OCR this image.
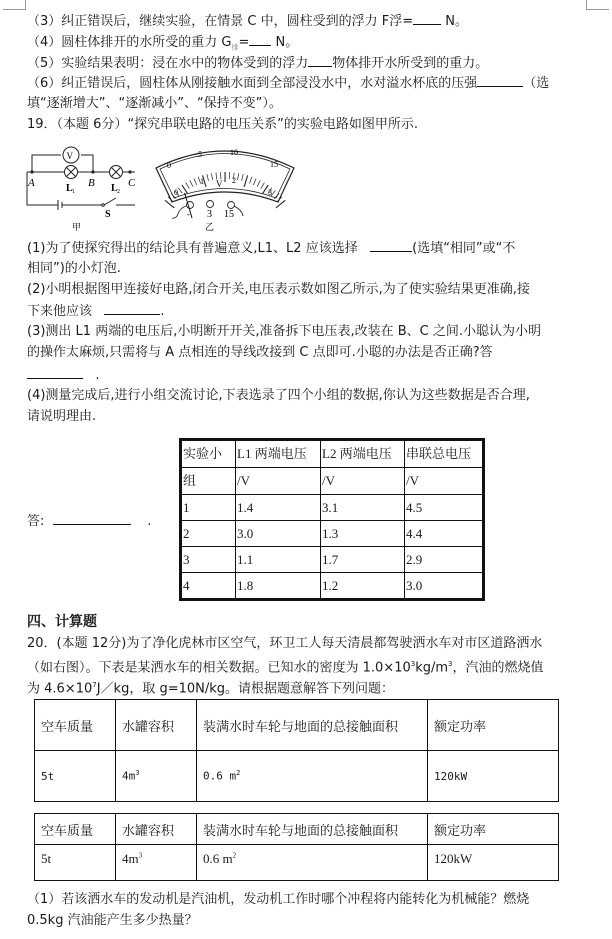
（3）纠正错误后，继续实验，在情景 C 中，圆柱受到的浮力 F浮= N。
（4）圆柱体排开的水所受的重力 $G_排= N$。
（5）实验结果表明：浸在水中的物体受到的浮力 物体排开水所受到的重力。
（6）纠正错误后，圆柱体从刚接触水面到全部浸没水中，水对溢水杯底的压强	（选
填“逐渐增大”、“逐渐减小”、“保持不变”）。
19．（本题 6分）“探究串联电路的电压关系”的实验电路如图甲所示.
V
A	B	C
L 1	L 2
S
甲
0
5	10
15
0
1	2
3
V
- 3 15
乙
(1)为了使探究得出的结论具有普遍意义,L1、L2 应该选择	(选填“相同”或“不
相同”)的小灯泡.
(2)小明根据图甲连接好电路,闭合开关,电压表示数如图乙所示,为了使实验结果更准确,接
下来他应该	.
(3)测出 L1 两端的电压后,小明断开开关,准备拆下电压表,改装在 B、C 之间.小聪认为小明
的操作太麻烦,只需将与 A 点相连的导线改接到 C 点即可.小聪的办法是否正确?答
.
(4)测量完成后,进行小组交流讨论,下表选录了四个小组的数据,你认为这些数据是否合理,
请说明理由.
答:	.
实验小	L1 两端电压	L2 两端电压	串联总电压
组	/V	/V	/V
1	1.4	3.1	4.5
2	3.0	1.3	4.4
3	1.1	1.7	2.9
4	1.8	1.2	3.0
四、计算题
20．(本题 12分)为了净化虎林市区空气，环卫工人每天清晨都驾驶洒水车对市区道路洒水
（如右图）。下表是某洒水车的相关数据。已知水的密度为 $1.0\times 10^3kg/m^3$，汽油的燃烧值
为 $4.6\times 10^7J/kg$，取 g=10N/kg。请根据题意解答下列问题：
空车质量	水罐容积	装满水时车轮与地面的总接触面积	额定功率
5t	$4m^3$	0.6 $m^2$	120kW
空车质量	水罐容积	装满水时车轮与地面的总接触面积	额定功率
5t	$4m^3$	0.6 $m^2$	120kW
（1）若该洒水车的发动机是汽油机，发动机工作时哪个冲程将内能转化为机械能？燃烧
0.5kg 汽油能产生多少热量？
